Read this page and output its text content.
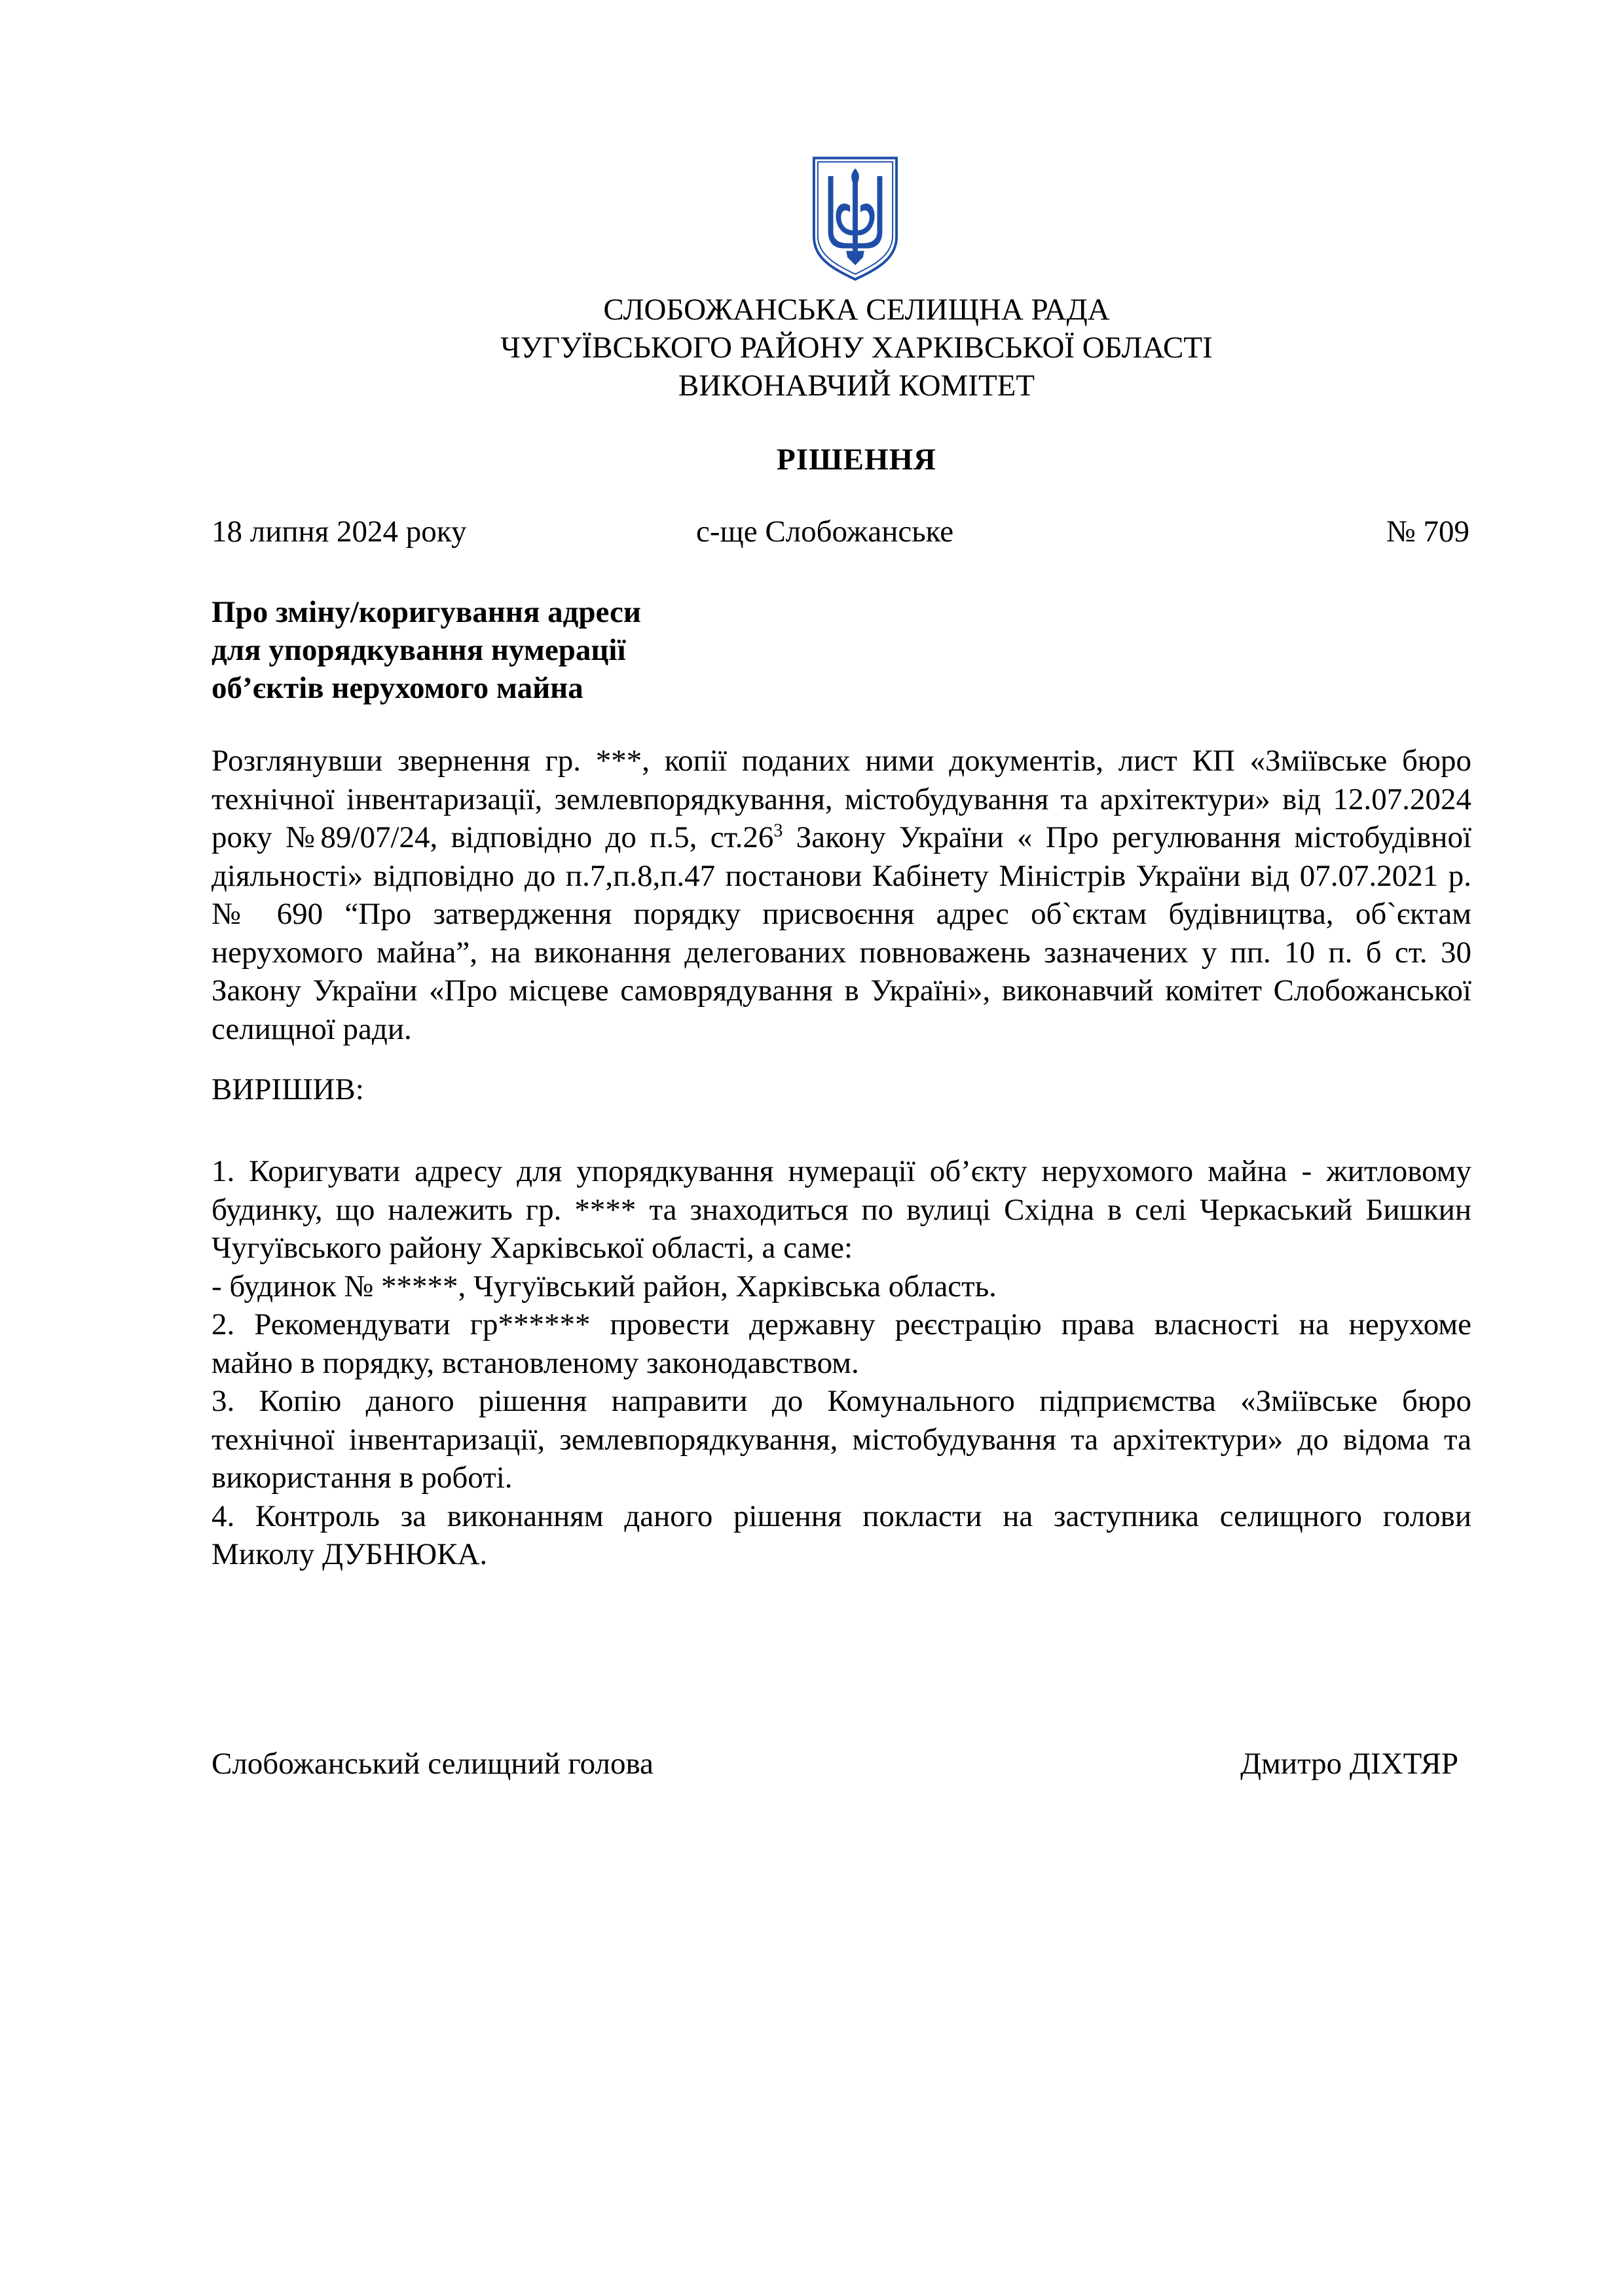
СЛОБОЖАНСЬКА СЕЛИЩНА РАДА
ЧУГУЇВСЬКОГО РАЙОНУ ХАРКІВСЬКОЇ ОБЛАСТІ
ВИКОНАВЧИЙ КОМІТЕТ
РІШЕННЯ
18 липня 2024 року	с-ще Слобожанське	№ 709
Про зміну/коригування адреси
для упорядкування нумерації
об’єктів нерухомого майна
Розглянувши звернення гр. ***, копії поданих ними документів, лист КП «Зміївське бюро
технічної інвентаризації, землевпорядкування, містобудування та архітектури» від 12.07.2024
року №89/07/24, відповідно до п.5, $ст.26^3$ Закону України « Про регулювання містобудівної
діяльності» відповідно до п.7,п.8,п.47 постанови Кабінету Міністрів України від 07.07.2021 р.
№ 690 “Про затвердження порядку присвоєння адрес об`єктам будівництва, об`єктам
нерухомого майна”, на виконання делегованих повноважень зазначених у пп. 10 п. б ст. 30
Закону України «Про місцеве самоврядування в Україні», виконавчий комітет Слобожанської
селищної ради.
ВИРІШИВ:
1. Коригувати адресу для упорядкування нумерації об’єкту нерухомого майна - житловому
будинку, що належить гр. **** та знаходиться по вулиці Східна в селі Черкаський Бишкин
Чугуївського району Харківської області, а саме:
- будинок № *****, Чугуївський район, Харківська область.
2. Рекомендувати гр****** провести державну реєстрацію права власності на нерухоме
майно в порядку, встановленому законодавством.
3. Копію даного рішення направити до Комунального підприємства «Зміївське бюро
технічної інвентаризації, землевпорядкування, містобудування та архітектури» до відома та
використання в роботі.
4. Контроль за виконанням даного рішення покласти на заступника селищного голови
Миколу ДУБНЮКА.
Слобожанський селищний голова	Дмитро ДІХТЯР
